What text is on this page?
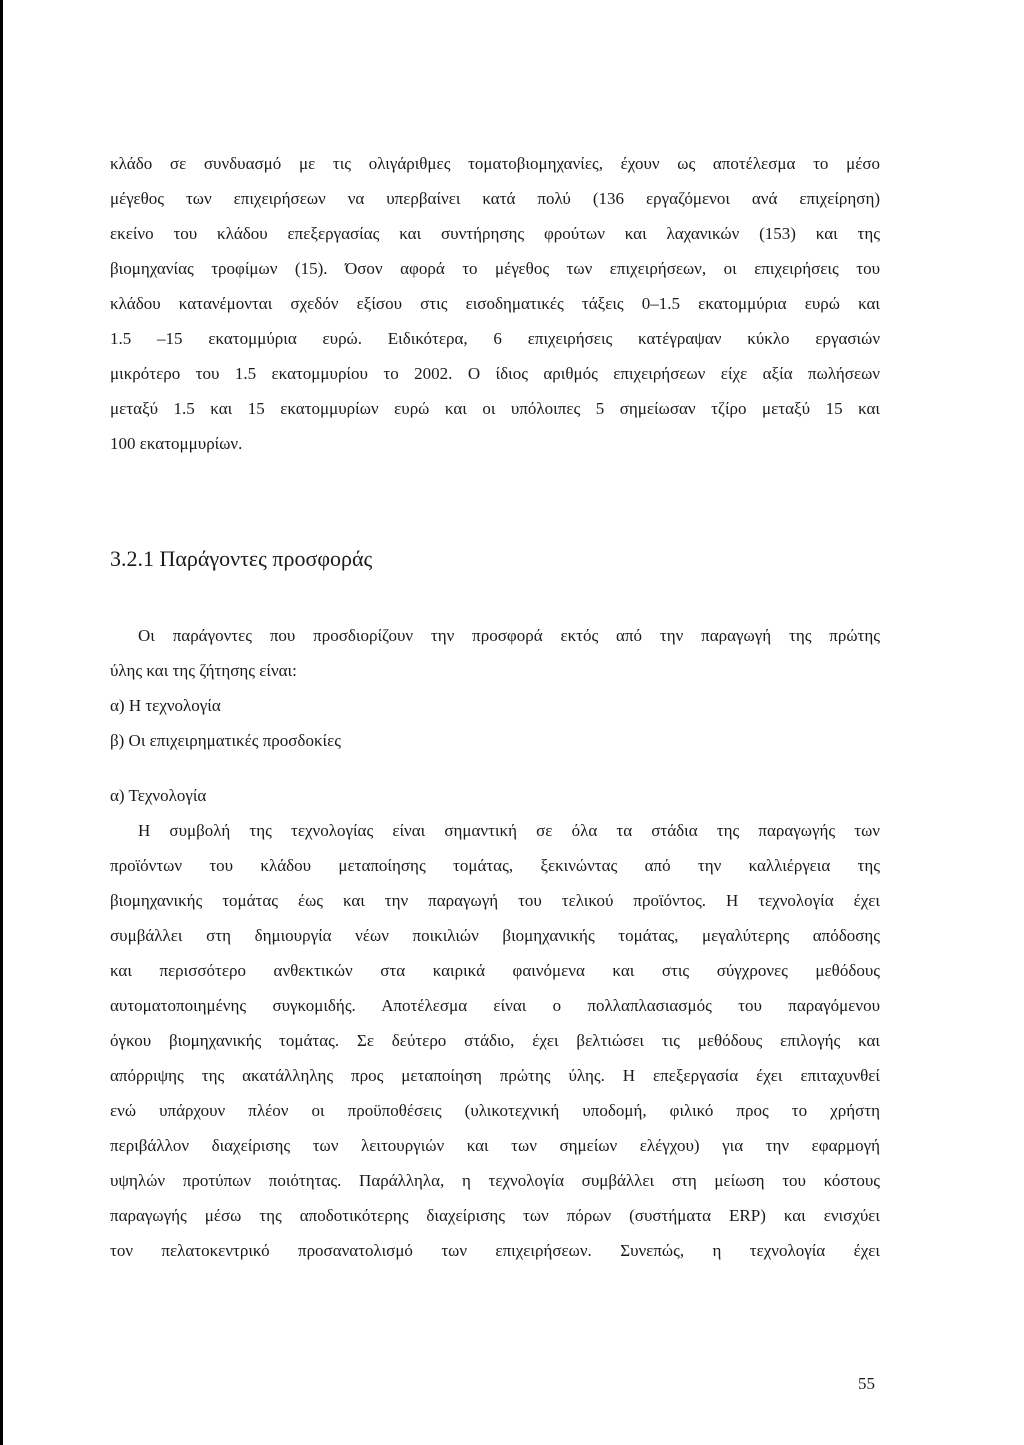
κλάδο σε συνδυασμό με τις ολιγάριθμες τοματοβιομηχανίες, έχουν ως αποτέλεσμα το μέσο
μέγεθος των επιχειρήσεων να υπερβαίνει κατά πολύ (136 εργαζόμενοι ανά επιχείρηση)
εκείνο του κλάδου επεξεργασίας και συντήρησης φρούτων και λαχανικών (153) και της
βιομηχανίας τροφίμων (15). Όσον αφορά το μέγεθος των επιχειρήσεων, οι επιχειρήσεις του
κλάδου κατανέμονται σχεδόν εξίσου στις εισοδηματικές τάξεις 0–1.5 εκατομμύρια ευρώ και
1.5 –15 εκατομμύρια ευρώ. Ειδικότερα, 6 επιχειρήσεις κατέγραψαν κύκλο εργασιών
μικρότερο του 1.5 εκατομμυρίου το 2002. Ο ίδιος αριθμός επιχειρήσεων είχε αξία πωλήσεων
μεταξύ 1.5 και 15 εκατομμυρίων ευρώ και οι υπόλοιπες 5 σημείωσαν τζίρο μεταξύ 15 και
100 εκατομμυρίων.
3.2.1 Παράγοντες προσφοράς
Οι παράγοντες που προσδιορίζουν την προσφορά εκτός από την παραγωγή της πρώτης
ύλης και της ζήτησης είναι:
α) Η τεχνολογία
β) Οι επιχειρηματικές προσδοκίες
α) Τεχνολογία
Η συμβολή της τεχνολογίας είναι σημαντική σε όλα τα στάδια της παραγωγής των
προϊόντων του κλάδου μεταποίησης τομάτας, ξεκινώντας από την καλλιέργεια της
βιομηχανικής τομάτας έως και την παραγωγή του τελικού προϊόντος. Η τεχνολογία έχει
συμβάλλει στη δημιουργία νέων ποικιλιών βιομηχανικής τομάτας, μεγαλύτερης απόδοσης
και περισσότερο ανθεκτικών στα καιρικά φαινόμενα και στις σύγχρονες μεθόδους
αυτοματοποιημένης συγκομιδής. Αποτέλεσμα είναι ο πολλαπλασιασμός του παραγόμενου
όγκου βιομηχανικής τομάτας. Σε δεύτερο στάδιο, έχει βελτιώσει τις μεθόδους επιλογής και
απόρριψης της ακατάλληλης προς μεταποίηση πρώτης ύλης. Η επεξεργασία έχει επιταχυνθεί
ενώ υπάρχουν πλέον οι προϋποθέσεις (υλικοτεχνική υποδομή, φιλικό προς το χρήστη
περιβάλλον διαχείρισης των λειτουργιών και των σημείων ελέγχου) για την εφαρμογή
υψηλών προτύπων ποιότητας. Παράλληλα, η τεχνολογία συμβάλλει στη μείωση του κόστους
παραγωγής μέσω της αποδοτικότερης διαχείρισης των πόρων (συστήματα ERP) και ενισχύει
τον πελατοκεντρικό προσανατολισμό των επιχειρήσεων. Συνεπώς, η τεχνολογία έχει
55
